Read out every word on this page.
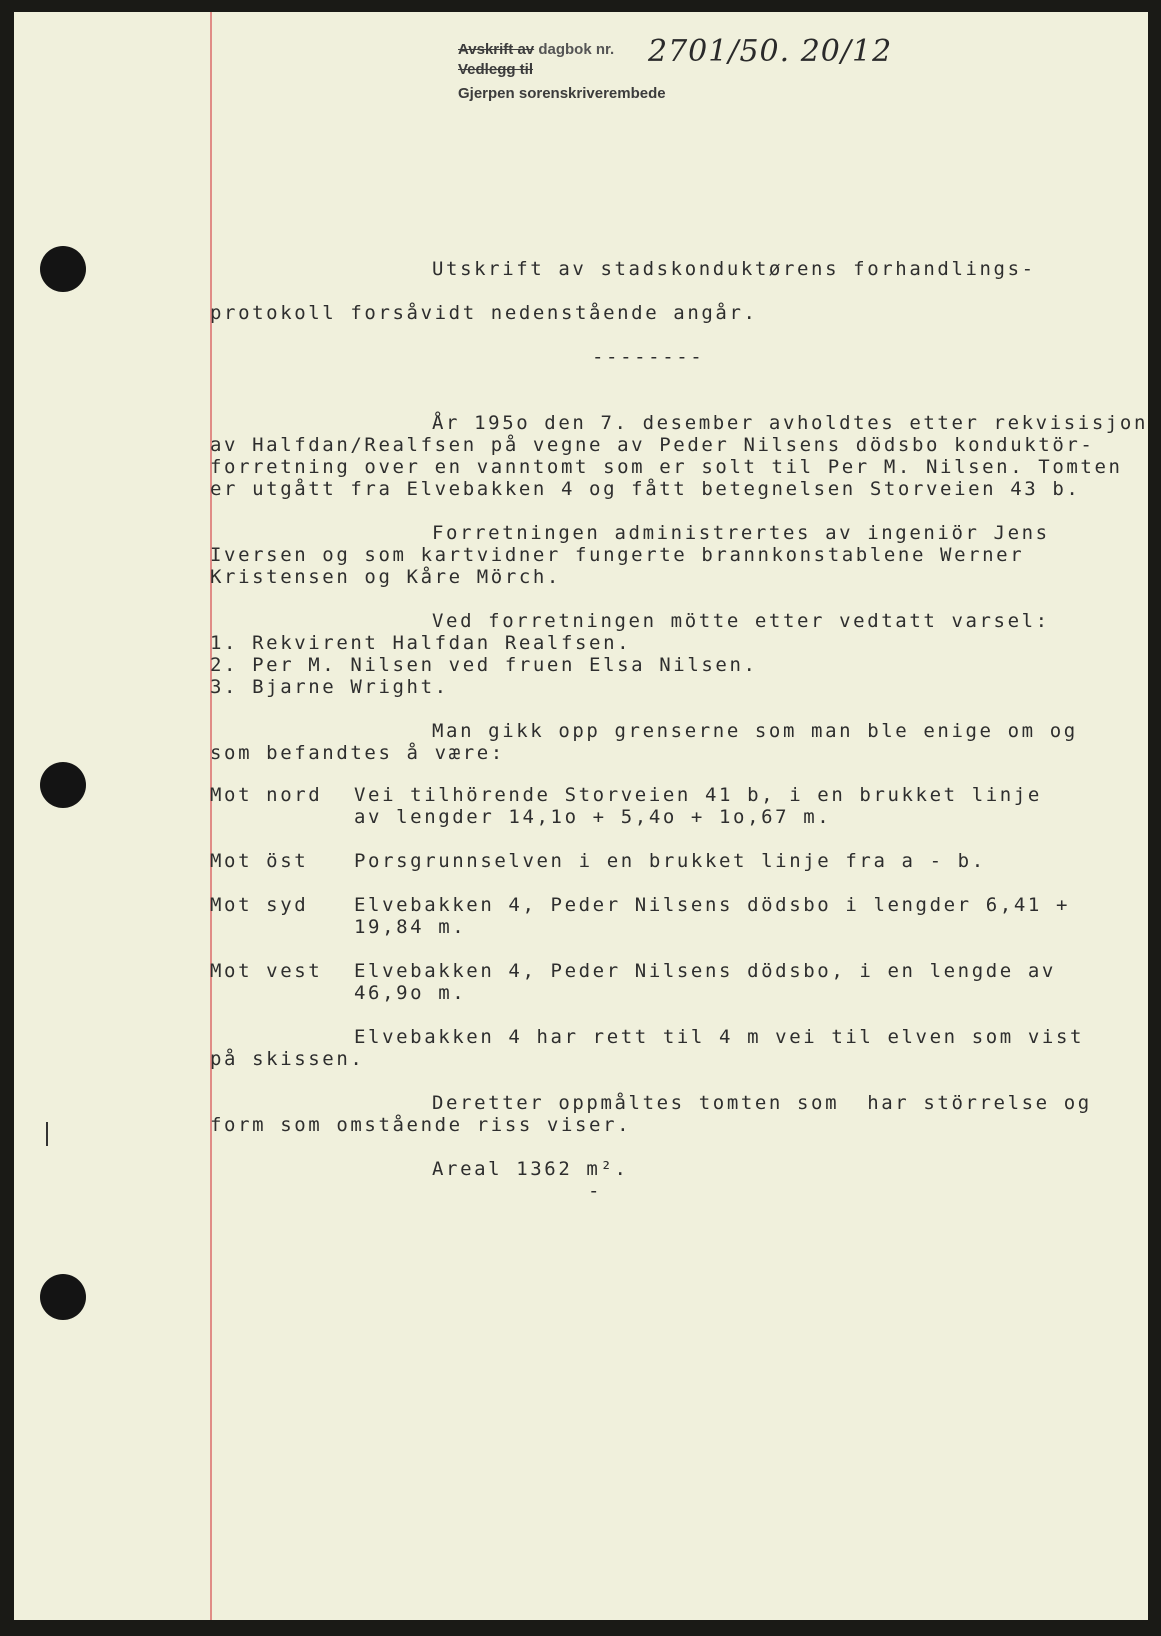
Avskrift av dagbok nr.
Vedlegg til
Gjerpen sorenskriverembede
2701/50. 20/12
Utskrift av stadskonduktørens forhandlings-
protokoll forsåvidt nedenstående angår.
--------
År 195o den 7. desember avholdtes etter rekvisisjon
av Halfdan/Realfsen på vegne av Peder Nilsens dödsbo konduktör-
forretning over en vanntomt som er solt til Per M. Nilsen. Tomten
er utgått fra Elvebakken 4 og fått betegnelsen Storveien 43 b.
Forretningen administrertes av ingeniör Jens
Iversen og som kartvidner fungerte brannkonstablene Werner
Kristensen og Kåre Mörch.
Ved forretningen mötte etter vedtatt varsel:
1. Rekvirent Halfdan Realfsen.
2. Per M. Nilsen ved fruen Elsa Nilsen.
3. Bjarne Wright.
Man gikk opp grenserne som man ble enige om og
som befandtes å være:
Mot nord Vei tilhörende Storveien 41 b, i en brukket linje
av lengder 14,1o + 5,4o + 1o,67 m.
Mot öst Porsgrunnselven i en brukket linje fra a - b.
Mot syd Elvebakken 4, Peder Nilsens dödsbo i lengder 6,41 +
19,84 m.
Mot vest Elvebakken 4, Peder Nilsens dödsbo, i en lengde av
46,9o m.
Elvebakken 4 har rett til 4 m vei til elven som vist
på skissen.
Deretter oppmåltes tomten som  har störrelse og
form som omstående riss viser.
Areal 1362 m².
-
